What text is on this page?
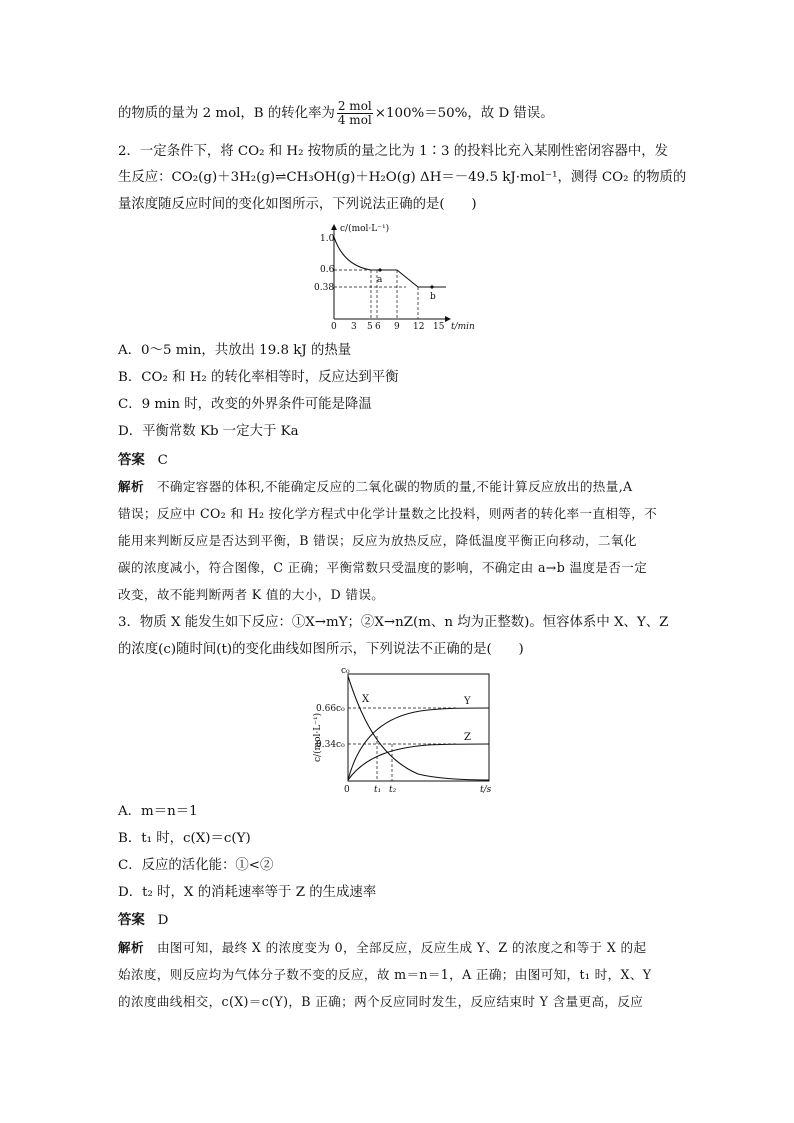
的物质的量为 2 mol，B 的转化率为 $\frac{\text{2 mol}}{\text{4 mol}} \times 100\%=50\%$，故 D 错误。
2．一定条件下，将 CO₂ 和 H₂ 按物质的量之比为 1∶3 的投料比充入某刚性密闭容器中，发
生反应：CO₂(g)＋3H₂(g)⇌CH₃OH(g)＋H₂O(g) ΔH＝－49.5 kJ·mol⁻¹，测得 CO₂ 的物质的
量浓度随反应时间的变化如图所示，下列说法正确的是(　　)
c/(mol·L⁻¹)
t/min
1.0
0.6
0.38
a
b
0 3 5 6 9 12 15
A．0～5 min，共放出 19.8 kJ 的热量
B．CO₂ 和 H₂ 的转化率相等时，反应达到平衡
C．9 min 时，改变的外界条件可能是降温
D．平衡常数 Kb 一定大于 Ka
答案 C
解析 不确定容器的体积,不能确定反应的二氧化碳的物质的量,不能计算反应放出的热量,A
错误；反应中 CO₂ 和 H₂ 按化学方程式中化学计量数之比投料，则两者的转化率一直相等，不
能用来判断反应是否达到平衡，B 错误；反应为放热反应，降低温度平衡正向移动，二氧化
碳的浓度减小，符合图像，C 正确；平衡常数只受温度的影响，不确定由 a→b 温度是否一定
改变，故不能判断两者 K 值的大小，D 错误。
3．物质 X 能发生如下反应：①X→mY；②X→nZ(m、n 均为正整数)。恒容体系中 X、Y、Z
的浓度(c)随时间(t)的变化曲线如图所示，下列说法不正确的是(　　)
c/(mol·L⁻¹)
c₀
0.66c₀
0.34c₀
X	Y
Z
0	t₁ t₂	t/s
A．m＝n＝1
B．t₁ 时，c(X)＝c(Y)
C．反应的活化能：①<②
D．t₂ 时，X 的消耗速率等于 Z 的生成速率
答案 D
解析 由图可知，最终 X 的浓度变为 0，全部反应，反应生成 Y、Z 的浓度之和等于 X 的起
始浓度，则反应均为气体分子数不变的反应，故 m＝n＝1，A 正确；由图可知，t₁ 时，X、Y
的浓度曲线相交，c(X)＝c(Y)，B 正确；两个反应同时发生，反应结束时 Y 含量更高，反应
